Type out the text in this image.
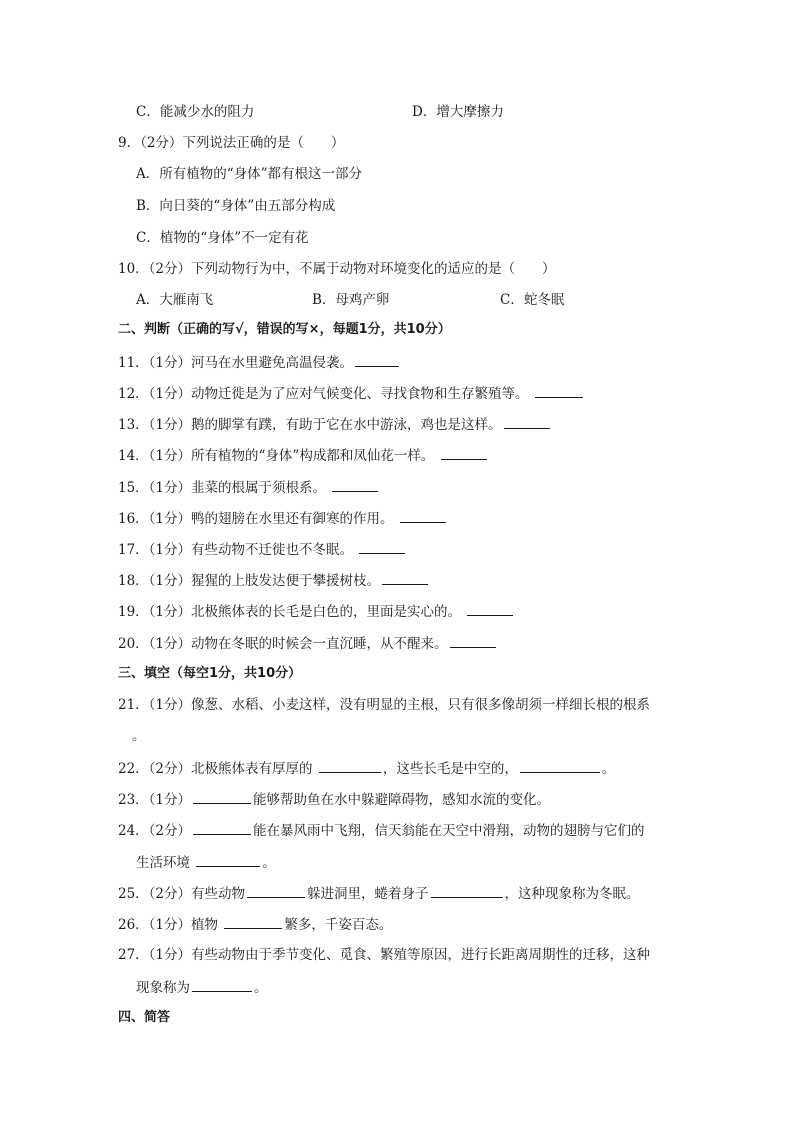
C．能减少水的阻力	D．增大摩擦力
9．（2分）下列说法正确的是（　　）
A．所有植物的“身体”都有根这一部分
B．向日葵的“身体”由五部分构成
C．植物的“身体”不一定有花
10．（2分）下列动物行为中，不属于动物对环境变化的适应的是（　　）
A．大雁南飞	B．母鸡产卵	C．蛇冬眠
二、判断（正确的写√，错误的写×，每题1分，共10分）
11．（1分）河马在水里避免高温侵袭。
12．（1分）动物迁徙是为了应对气候变化、寻找食物和生存繁殖等。
13．（1分）鹅的脚掌有蹼，有助于它在水中游泳，鸡也是这样。
14．（1分）所有植物的“身体”构成都和凤仙花一样。
15．（1分）韭菜的根属于须根系。
16．（1分）鸭的翅膀在水里还有御寒的作用。
17．（1分）有些动物不迁徙也不冬眠。
18．（1分）猩猩的上肢发达便于攀援树枝。
19．（1分）北极熊体表的长毛是白色的，里面是实心的。
20．（1分）动物在冬眠的时候会一直沉睡，从不醒来。
三、填空（每空1分，共10分）
21．（1分）像葱、水稻、小麦这样，没有明显的主根，只有很多像胡须一样细长根的根系
。
22．（2分）北极熊体表有厚厚的	，这些长毛是中空的，	。
23．（1分）	能够帮助鱼在水中躲避障碍物，感知水流的变化。
24．（2分）	能在暴风雨中飞翔，信天翁能在天空中滑翔，动物的翅膀与它们的
生活环境	。
25．（2分）有些动物	躲进洞里，蜷着身子	，这种现象称为冬眠。
26．（1分）植物	繁多，千姿百态。
27．（1分）有些动物由于季节变化、觅食、繁殖等原因，进行长距离周期性的迁移，这种
现象称为	。
四、简答
